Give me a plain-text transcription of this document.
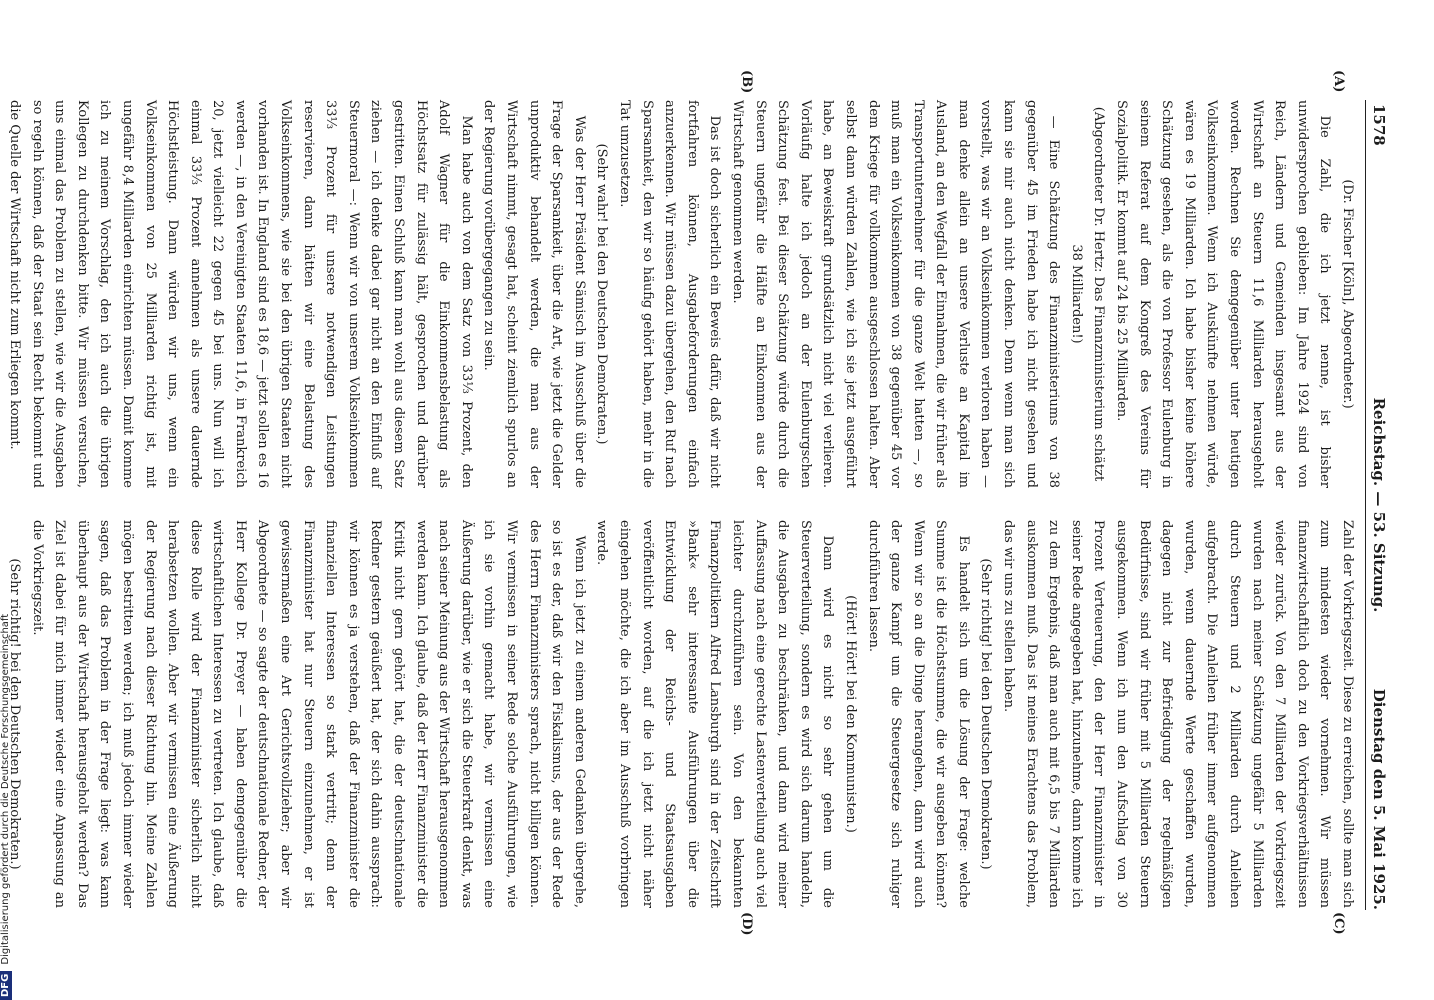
1578
Reichstag. — 53. Sitzung.
Dienstag den 5. Mai 1925.
(A)
(B)
(C)
(D)

(Dr. Fischer [Köln], Abgeordneter.)

Die Zahl, die ich jetzt nenne, ist bisher unwidersprochen geblieben: Im Jahre 1924 sind von Reich, Ländern und Gemeinden insgesamt aus der Wirtschaft an Steuern 11,6 Milliarden herausgeholt worden. Rechnen Sie demgegenüber unter heutigen Volkseinkommen. Wenn ich Auskünfte nehmen würde, wären es 19 Milliarden. Ich habe bisher keine höhere Schätzung gesehen, als die von Professor Eulenburg in seinem Referat auf dem Kongreß des Vereins für Sozialpolitik. Er kommt auf 24 bis 25 Milliarden.

(Abgeordneter Dr. Hertz: Das Finanzministerium schätzt 38 Milliarden!)

— Eine Schätzung des Finanzministeriums von 38 gegenüber 45 im Frieden habe ich nicht gesehen und kann sie mir auch nicht denken. Denn wenn man sich vorstellt, was wir an Volkseinkommen verloren haben — man denke allein an unsere Verluste an Kapital im Ausland, an den Wegfall der Einnahmen, die wir früher als Transportunternehmer für die ganze Welt hatten —, so muß man ein Volkseinkommen von 38 gegenüber 45 vor dem Kriege für vollkommen ausgeschlossen halten. Aber selbst dann würden Zahlen, wie ich sie jetzt ausgeführt habe, an Beweiskraft grundsätzlich nicht viel verlieren. Vorläufig halte ich jedoch an der Eulenburgschen Schätzung fest. Bei dieser Schätzung würde durch die Steuern ungefähr die Hälfte an Einkommen aus der Wirtschaft genommen werden.

Das ist doch sicherlich ein Beweis dafür, daß wir nicht fortfahren können, Ausgabeforderungen einfach anzuerkennen. Wir müssen dazu übergehen, den Ruf nach Sparsamkeit, den wir so häufig gehört haben, mehr in die Tat umzusetzen.

(Sehr wahr! bei den Deutschen Demokraten.)

Was der Herr Präsident Sämisch im Ausschuß über die Frage der Sparsamkeit, über die Art, wie jetzt die Gelder unproduktiv behandelt werden, die man aus der Wirtschaft nimmt, gesagt hat, scheint ziemlich spurlos an der Regierung vorübergegangen zu sein.

Man habe auch von dem Satz von 33⅓ Prozent, den Adolf Wagner für die Einkommensbelastung als Höchstsatz für zulässig hält, gesprochen und darüber gestritten. Einen Schluß kann man wohl aus diesem Satz ziehen — ich denke dabei gar nicht an den Einfluß auf Steuermoral —: Wenn wir von unserem Volkseinkommen 33⅓ Prozent für unsere notwendigen Leistungen reservieren, dann hätten wir eine Belastung des Volkseinkommens, wie sie bei den übrigen Staaten nicht vorhanden ist. In England sind es 18,6 — jetzt sollen es 16 werden —, in den Vereinigten Staaten 11,6, in Frankreich 20, jetzt vielleicht 22 gegen 45 bei uns. Nun will ich einmal 33⅓ Prozent annehmen als unsere dauernde Höchstleistung. Dann würden wir uns, wenn ein Volkseinkommen von 25 Milliarden richtig ist, mit ungefähr 8,4 Milliarden einrichten müssen. Damit komme ich zu meinem Vorschlag, den ich auch die übrigen Kollegen zu durchdenken bitte. Wir müssen versuchen, uns einmal das Problem zu stellen, wie wir die Ausgaben so regeln können, daß der Staat sein Recht bekommt und die Quelle der Wirtschaft nicht zum Erliegen kommt.

Zahl der Vorkriegszeit. Diese zu erreichen, sollte man sich zum mindesten wieder vornehmen. Wir müssen finanzwirtschaftlich doch zu den Vorkriegsverhältnissen wieder zurück. Von den 7 Milliarden der Vorkriegszeit wurden nach meiner Schätzung ungefähr 5 Milliarden durch Steuern und 2 Milliarden durch Anleihen aufgebracht. Die Anleihen früher immer aufgenommen wurden, wenn dauernde Werte geschaffen wurden, dagegen nicht zur Befriedigung der regelmäßigen Bedürfnisse, sind wir früher mit 5 Milliarden Steuern ausgekommen. Wenn ich nun den Aufschlag von 30 Prozent Verteuerung, den der Herr Finanzminister in seiner Rede angegeben hat, hinzunehme, dann komme ich zu dem Ergebnis, daß man auch mit 6,5 bis 7 Milliarden auskommen muß. Das ist meines Erachtens das Problem, das wir uns zu stellen haben.

(Sehr richtig! bei den Deutschen Demokraten.)

Es handelt sich um die Lösung der Frage: welche Summe ist die Höchstsumme, die wir ausgeben können? Wenn wir so an die Dinge herangehen, dann wird auch der ganze Kampf um die Steuergesetze sich ruhiger durchführen lassen.

(Hört! Hört! bei den Kommunisten.)

Dann wird es nicht so sehr gehen um die Steuerverteilung, sondern es wird sich darum handeln, die Ausgaben zu beschränken, und dann wird meiner Auffassung nach eine gerechte Lastenverteilung auch viel leichter durchzuführen sein. Von den bekannten Finanzpolitikern Alfred Lansburgh sind in der Zeitschrift »Bank« sehr interessante Ausführungen über die Entwicklung der Reichs- und Staatsausgaben veröffentlicht worden, auf die ich jetzt nicht näher eingehen möchte, die ich aber im Ausschuß vorbringen werde.

Wenn ich jetzt zu einem anderen Gedanken übergehe, so ist es der, daß wir den Fiskalismus, der aus der Rede des Herrn Finanzministers sprach, nicht billigen können. Wir vermissen in seiner Rede solche Ausführungen, wie ich sie vorhin gemacht habe, wir vermissen eine Äußerung darüber, wie er sich die Steuerkraft denkt, was nach seiner Meinung aus der Wirtschaft herausgenommen werden kann. Ich glaube, daß der Herr Finanzminister die Kritik nicht gern gehört hat, die der deutschnationale Redner gestern geäußert hat, der sich dahin aussprach: wir können es ja verstehen, daß der Finanzminister die finanziellen Interessen so stark vertritt; denn der Finanzminister hat nur Steuern einzunehmen, er ist gewissermaßen eine Art Gerichtsvollzieher; aber wir Abgeordnete — so sagte der deutschnationale Redner, der Herr Kollege Dr. Preyer — haben demgegenüber die wirtschaftlichen Interessen zu vertreten. Ich glaube, daß diese Rolle wird der Finanzminister sicherlich nicht herabsetzen wollen. Aber wir vermissen eine Äußerung der Regierung nach dieser Richtung hin. Meine Zahlen mögen bestritten werden; ich muß jedoch immer wieder sagen, daß das Problem in der Frage liegt: was kann überhaupt aus der Wirtschaft herausgeholt werden? Das Ziel ist dabei für mich immer wieder eine Anpassung an die Vorkriegszeit.

(Sehr richtig! bei den Deutschen Demokraten.)

DFG
Digitalisierung gefördert durch die Deutsche Forschungsgemeinschaft
